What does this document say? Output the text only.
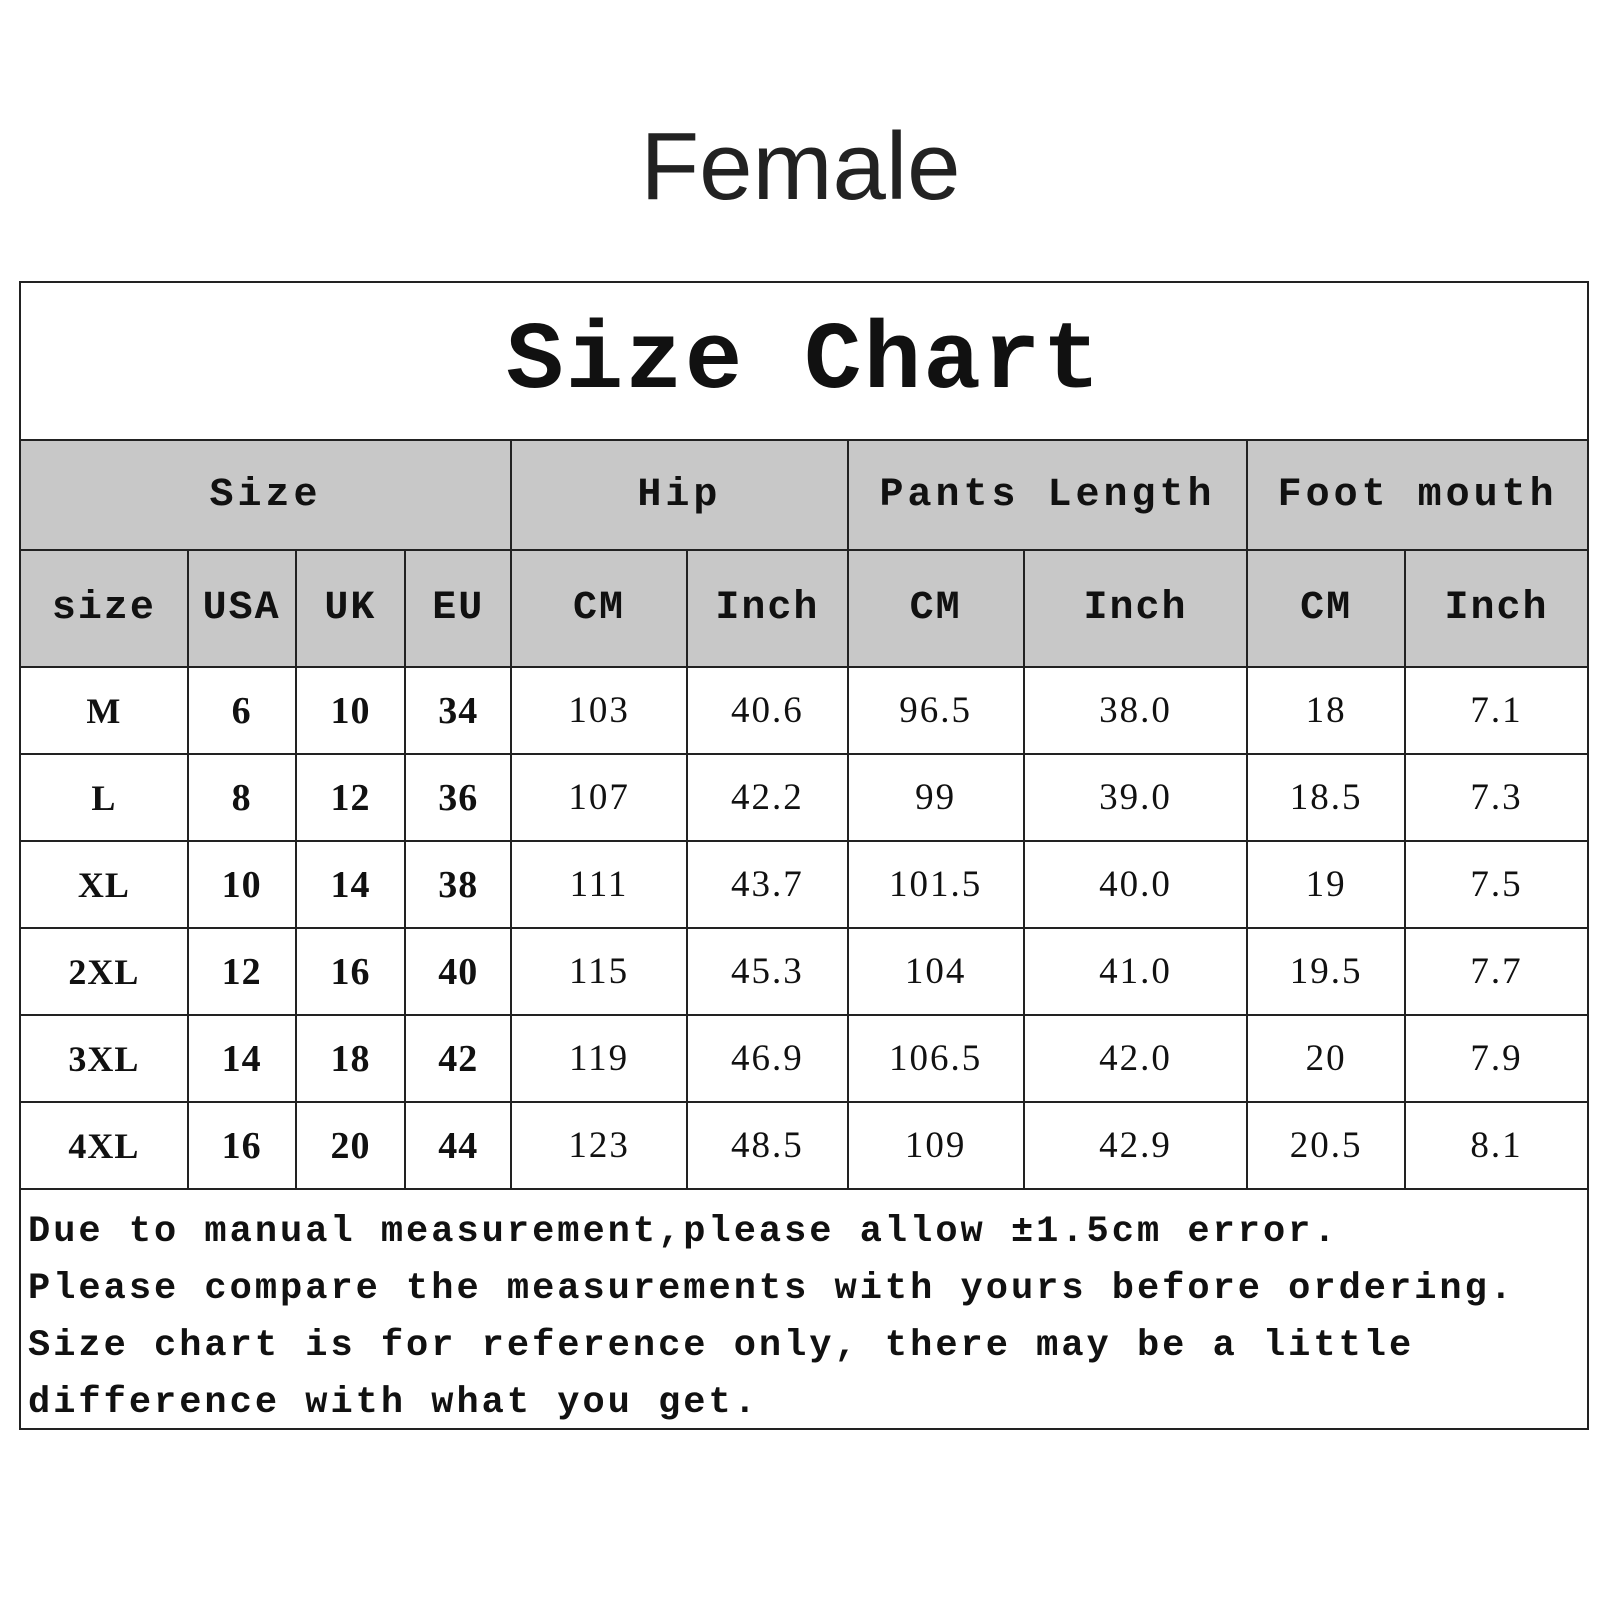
Female
Size Chart
Size				Hip		Pants Length		Foot mouth	
size	USA	UK	EU	CM	Inch	CM	Inch	CM	Inch
M	6	10	34	103	40.6	96.5	38.0	18	7.1
L	8	12	36	107	42.2	99	39.0	18.5	7.3
XL	10	14	38	111	43.7	101.5	40.0	19	7.5
2XL	12	16	40	115	45.3	104	41.0	19.5	7.7
3XL	14	18	42	119	46.9	106.5	42.0	20	7.9
4XL	16	20	44	123	48.5	109	42.9	20.5	8.1
Due to manual measurement,please allow ±1.5cm error.
Please compare the measurements with yours before ordering.
Size chart is for reference only, there may be a little
difference with what you get.
